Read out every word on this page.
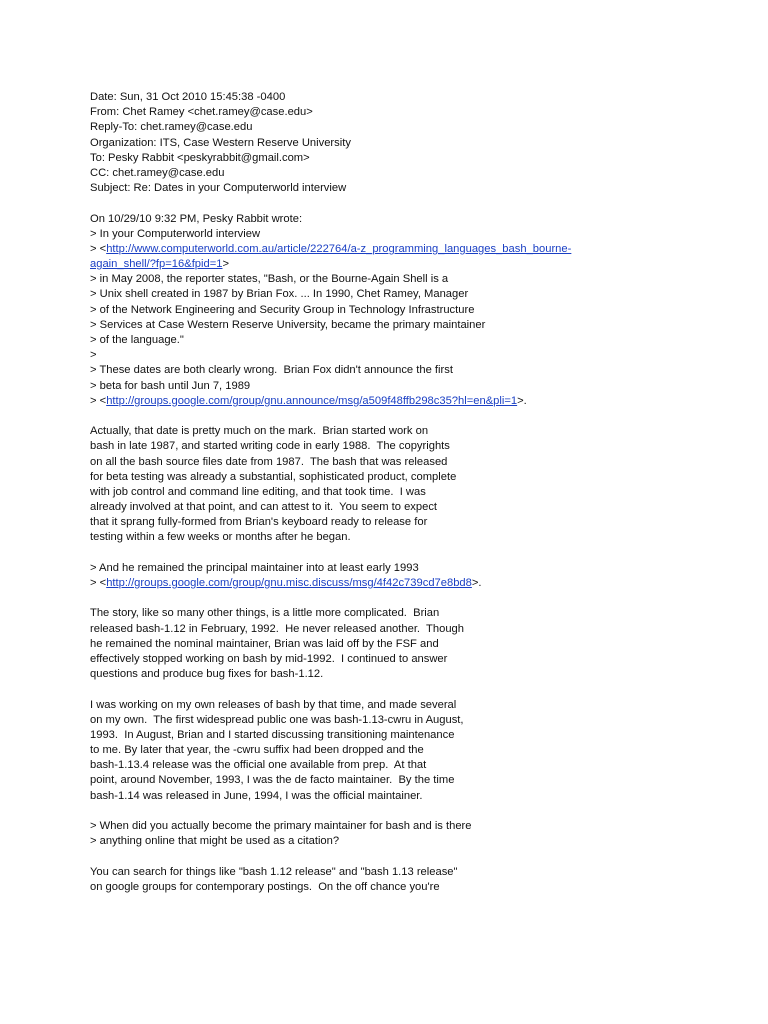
Date: Sun, 31 Oct 2010 15:45:38 -0400
From: Chet Ramey <chet.ramey@case.edu>
Reply-To: chet.ramey@case.edu
Organization: ITS, Case Western Reserve University
To: Pesky Rabbit <peskyrabbit@gmail.com>
CC: chet.ramey@case.edu
Subject: Re: Dates in your Computerworld interview
On 10/29/10 9:32 PM, Pesky Rabbit wrote:
> In your Computerworld interview
> <http://www.computerworld.com.au/article/222764/a-z_programming_languages_bash_bourne-
again_shell/?fp=16&fpid=1>
> in May 2008, the reporter states, "Bash, or the Bourne-Again Shell is a
> Unix shell created in 1987 by Brian Fox. ... In 1990, Chet Ramey, Manager
> of the Network Engineering and Security Group in Technology Infrastructure
> Services at Case Western Reserve University, became the primary maintainer
> of the language."
>
> These dates are both clearly wrong.  Brian Fox didn't announce the first
> beta for bash until Jun 7, 1989
> <http://groups.google.com/group/gnu.announce/msg/a509f48ffb298c35?hl=en&pli=1>.
Actually, that date is pretty much on the mark.  Brian started work on
bash in late 1987, and started writing code in early 1988.  The copyrights
on all the bash source files date from 1987.  The bash that was released
for beta testing was already a substantial, sophisticated product, complete
with job control and command line editing, and that took time.  I was
already involved at that point, and can attest to it.  You seem to expect
that it sprang fully-formed from Brian's keyboard ready to release for
testing within a few weeks or months after he began.
> And he remained the principal maintainer into at least early 1993
> <http://groups.google.com/group/gnu.misc.discuss/msg/4f42c739cd7e8bd8>.
The story, like so many other things, is a little more complicated.  Brian
released bash-1.12 in February, 1992.  He never released another.  Though
he remained the nominal maintainer, Brian was laid off by the FSF and
effectively stopped working on bash by mid-1992.  I continued to answer
questions and produce bug fixes for bash-1.12.
I was working on my own releases of bash by that time, and made several
on my own.  The first widespread public one was bash-1.13-cwru in August,
1993.  In August, Brian and I started discussing transitioning maintenance
to me. By later that year, the -cwru suffix had been dropped and the
bash-1.13.4 release was the official one available from prep.  At that
point, around November, 1993, I was the de facto maintainer.  By the time
bash-1.14 was released in June, 1994, I was the official maintainer.
> When did you actually become the primary maintainer for bash and is there
> anything online that might be used as a citation?
You can search for things like "bash 1.12 release" and "bash 1.13 release"
on google groups for contemporary postings.  On the off chance you're
